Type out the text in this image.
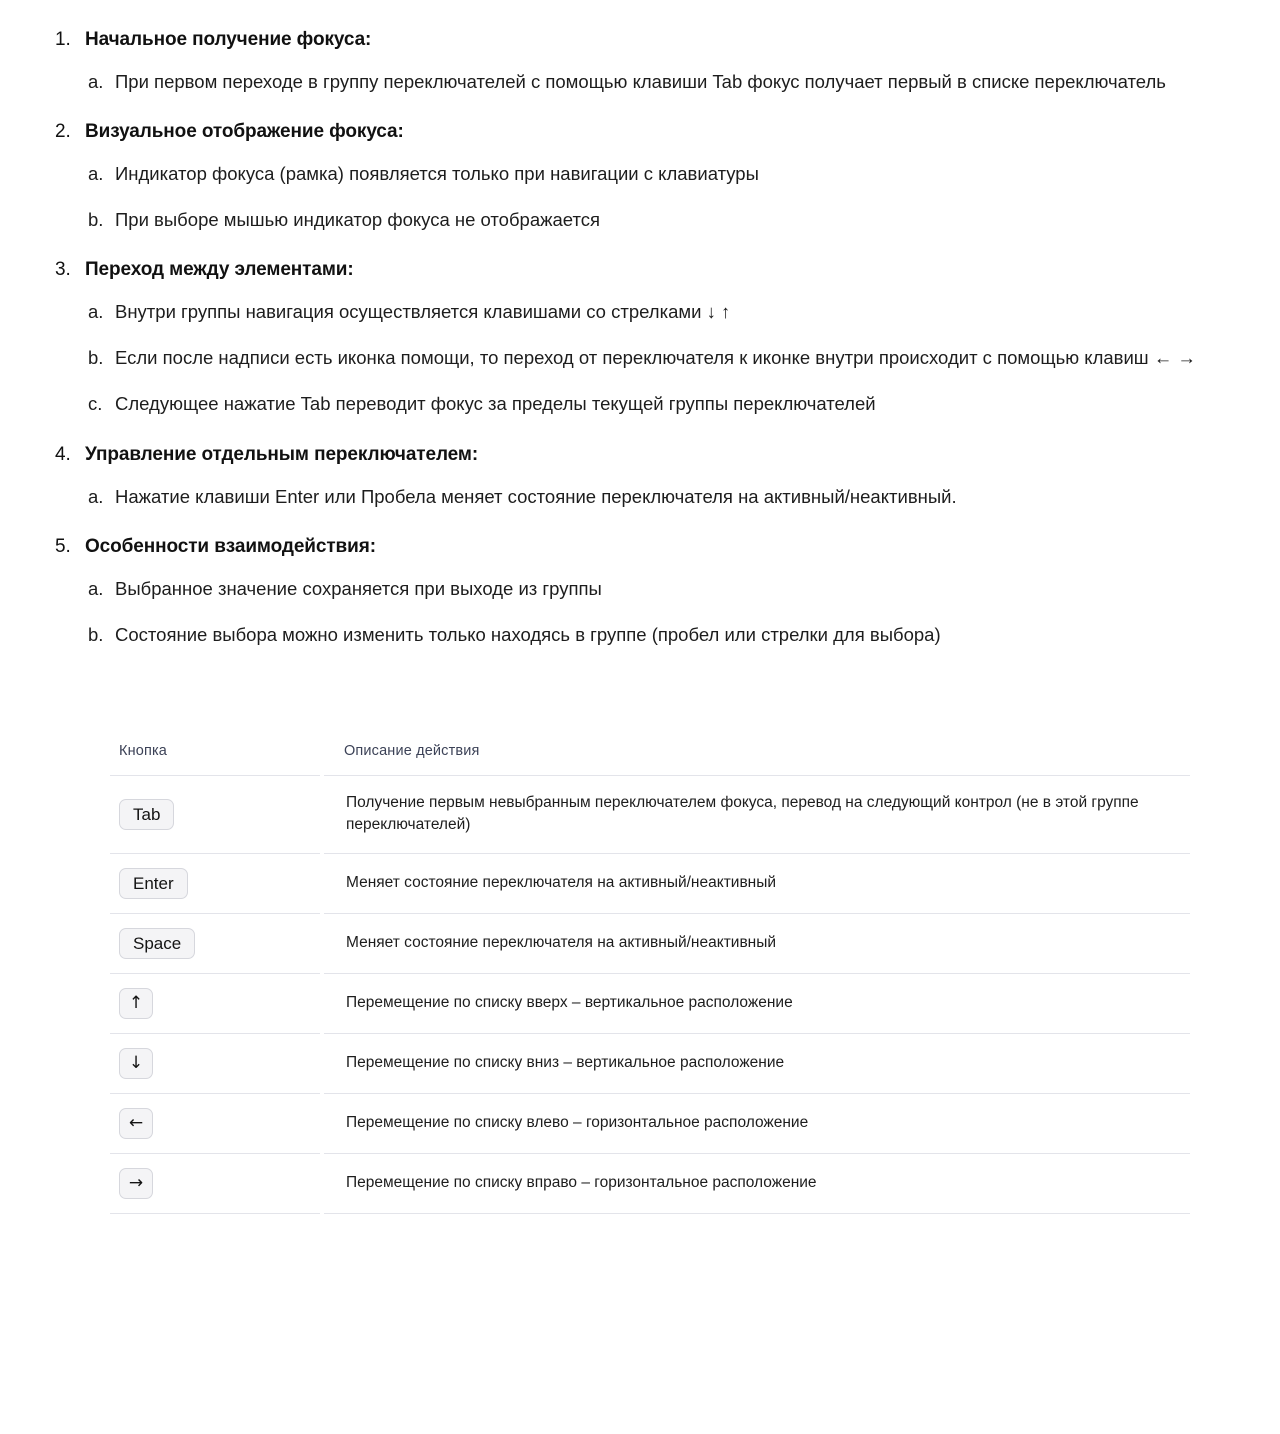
1. Начальное получение фокуса:
a. При первом переходе в группу переключателей с помощью клавиши Tab фокус получает первый в списке переключатель
2. Визуальное отображение фокуса:
a. Индикатор фокуса (рамка) появляется только при навигации с клавиатуры
b. При выборе мышью индикатор фокуса не отображается
3. Переход между элементами:
a. Внутри группы навигация осуществляется клавишами со стрелками ↓ ↑
b. Если после надписи есть иконка помощи, то переход от переключателя к иконке внутри происходит с помощью клавиш ← →
c. Следующее нажатие Tab переводит фокус за пределы текущей группы переключателей
4. Управление отдельным переключателем:
a. Нажатие клавиши Enter или Пробела меняет состояние переключателя на активный/неактивный.
5. Особенности взаимодействия:
a. Выбранное значение сохраняется при выходе из группы
b. Состояние выбора можно изменить только находясь в группе (пробел или стрелки для выбора)
Кнопка	Описание действия
Tab	Получение первым невыбранным переключателем фокуса, перевод на следующий контрол (не в этой группе переключателей)
Enter	Меняет состояние переключателя на активный/неактивный
Space	Меняет состояние переключателя на активный/неактивный
↑	Перемещение по списку вверх – вертикальное расположение
↓	Перемещение по списку вниз – вертикальное расположение
←	Перемещение по списку влево – горизонтальное расположение
→	Перемещение по списку вправо – горизонтальное расположение
